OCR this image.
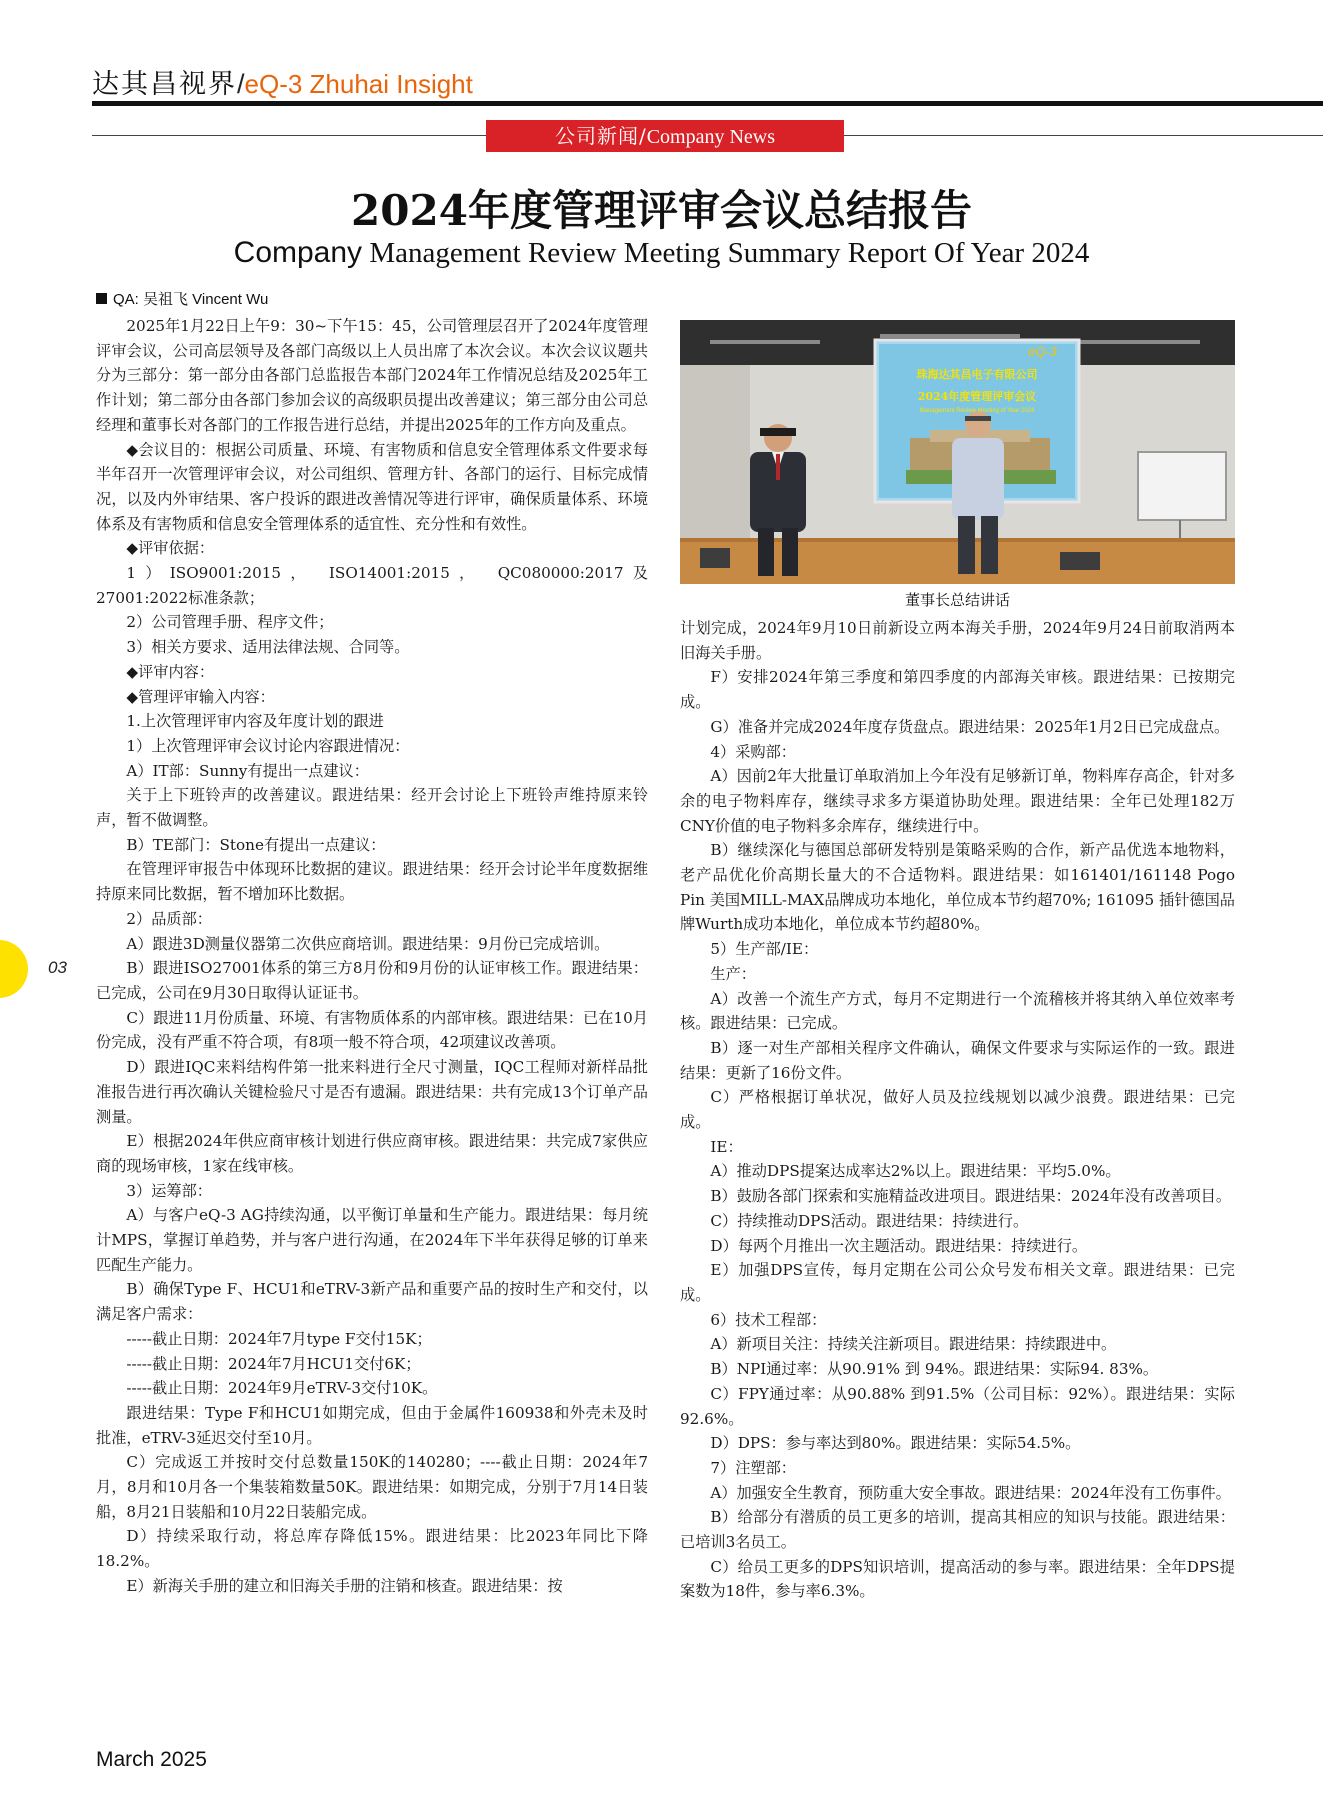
达其昌视界/eQ-3 Zhuhai Insight
公司新闻/Company News
2024年度管理评审会议总结报告
Company Management Review Meeting Summary Report Of Year 2024
QA: 吴祖飞 Vincent Wu

2025年1月22日上午9：30~下午15：45，公司管理层召开了2024年度管理评审会议，公司高层领导及各部门高级以上人员出席了本次会议。本次会议议题共分为三部分：第一部分由各部门总监报告本部门2024年工作情况总结及2025年工作计划；第二部分由各部门参加会议的高级职员提出改善建议；第三部分由公司总经理和董事长对各部门的工作报告进行总结，并提出2025年的工作方向及重点。

◆会议目的：根据公司质量、环境、有害物质和信息安全管理体系文件要求每半年召开一次管理评审会议，对公司组织、管理方针、各部门的运行、目标完成情况，以及内外审结果、客户投诉的跟进改善情况等进行评审，确保质量体系、环境体系及有害物质和信息安全管理体系的适宜性、充分性和有效性。

◆评审依据：

1）ISO9001:2015， ISO14001:2015， QC080000:2017及27001:2022标准条款；

2）公司管理手册、程序文件；

3）相关方要求、适用法律法规、合同等。

◆评审内容：

◆管理评审输入内容：

1.上次管理评审内容及年度计划的跟进

1）上次管理评审会议讨论内容跟进情况：

A）IT部：Sunny有提出一点建议：

关于上下班铃声的改善建议。跟进结果：经开会讨论上下班铃声维持原来铃声，暂不做调整。

B）TE部门：Stone有提出一点建议：

在管理评审报告中体现环比数据的建议。跟进结果：经开会讨论半年度数据维持原来同比数据，暂不增加环比数据。

2）品质部：

A）跟进3D测量仪器第二次供应商培训。跟进结果：9月份已完成培训。

B）跟进ISO27001体系的第三方8月份和9月份的认证审核工作。跟进结果：已完成，公司在9月30日取得认证证书。

C）跟进11月份质量、环境、有害物质体系的内部审核。跟进结果：已在10月份完成，没有严重不符合项，有8项一般不符合项，42项建议改善项。

D）跟进IQC来料结构件第一批来料进行全尺寸测量，IQC工程师对新样品批准报告进行再次确认关键检验尺寸是否有遗漏。跟进结果：共有完成13个订单产品测量。

E）根据2024年供应商审核计划进行供应商审核。跟进结果：共完成7家供应商的现场审核，1家在线审核。

3）运筹部：

A）与客户eQ-3 AG持续沟通，以平衡订单量和生产能力。跟进结果：每月统计MPS，掌握订单趋势，并与客户进行沟通，在2024年下半年获得足够的订单来匹配生产能力。

B）确保Type F、HCU1和eTRV-3新产品和重要产品的按时生产和交付，以满足客户需求：

-----截止日期：2024年7月type F交付15K；

-----截止日期：2024年7月HCU1交付6K；

-----截止日期：2024年9月eTRV-3交付10K。

跟进结果：Type F和HCU1如期完成，但由于金属件160938和外壳未及时批准，eTRV-3延迟交付至10月。

C）完成返工并按时交付总数量150K的140280；----截止日期：2024年7月，8月和10月各一个集装箱数量50K。跟进结果：如期完成，分别于7月14日装船，8月21日装船和10月22日装船完成。

D）持续采取行动，将总库存降低15%。跟进结果：比2023年同比下降18.2%。

E）新海关手册的建立和旧海关手册的注销和核查。跟进结果：按

eQ-3
珠海达其昌电子有限公司
2024年度管理评审会议
Management Review Meeting of Year 2024
董事长总结讲话

计划完成，2024年9月10日前新设立两本海关手册，2024年9月24日前取消两本旧海关手册。

F）安排2024年第三季度和第四季度的内部海关审核。跟进结果：已按期完成。

G）准备并完成2024年度存货盘点。跟进结果：2025年1月2日已完成盘点。

4）采购部：

A）因前2年大批量订单取消加上今年没有足够新订单，物料库存高企，针对多余的电子物料库存，继续寻求多方渠道协助处理。跟进结果：全年已处理182万CNY价值的电子物料多余库存，继续进行中。

B）继续深化与德国总部研发特别是策略采购的合作，新产品优选本地物料，老产品优化价高期长量大的不合适物料。跟进结果：如161401/161148 Pogo Pin 美国MILL-MAX品牌成功本地化，单位成本节约超70%; 161095 插针德国品牌Wurth成功本地化，单位成本节约超80%。

5）生产部/IE：

生产：

A）改善一个流生产方式，每月不定期进行一个流稽核并将其纳入单位效率考核。跟进结果：已完成。

B）逐一对生产部相关程序文件确认，确保文件要求与实际运作的一致。跟进结果：更新了16份文件。

C）严格根据订单状况，做好人员及拉线规划以减少浪费。跟进结果：已完成。

IE：

A）推动DPS提案达成率达2%以上。跟进结果：平均5.0%。

B）鼓励各部门探索和实施精益改进项目。跟进结果：2024年没有改善项目。

C）持续推动DPS活动。跟进结果：持续进行。

D）每两个月推出一次主题活动。跟进结果：持续进行。

E）加强DPS宣传，每月定期在公司公众号发布相关文章。跟进结果：已完成。

6）技术工程部：

A）新项目关注：持续关注新项目。跟进结果：持续跟进中。

B）NPI通过率：从90.91% 到 94%。跟进结果：实际94. 83%。

C）FPY通过率：从90.88% 到91.5%（公司目标：92%）。跟进结果：实际92.6%。

D）DPS：参与率达到80%。跟进结果：实际54.5%。

7）注塑部：

A）加强安全生教育，预防重大安全事故。跟进结果：2024年没有工伤事件。

B）给部分有潜质的员工更多的培训，提高其相应的知识与技能。跟进结果：已培训3名员工。

C）给员工更多的DPS知识培训，提高活动的参与率。跟进结果：全年DPS提案数为18件，参与率6.3%。

03
March 2025
